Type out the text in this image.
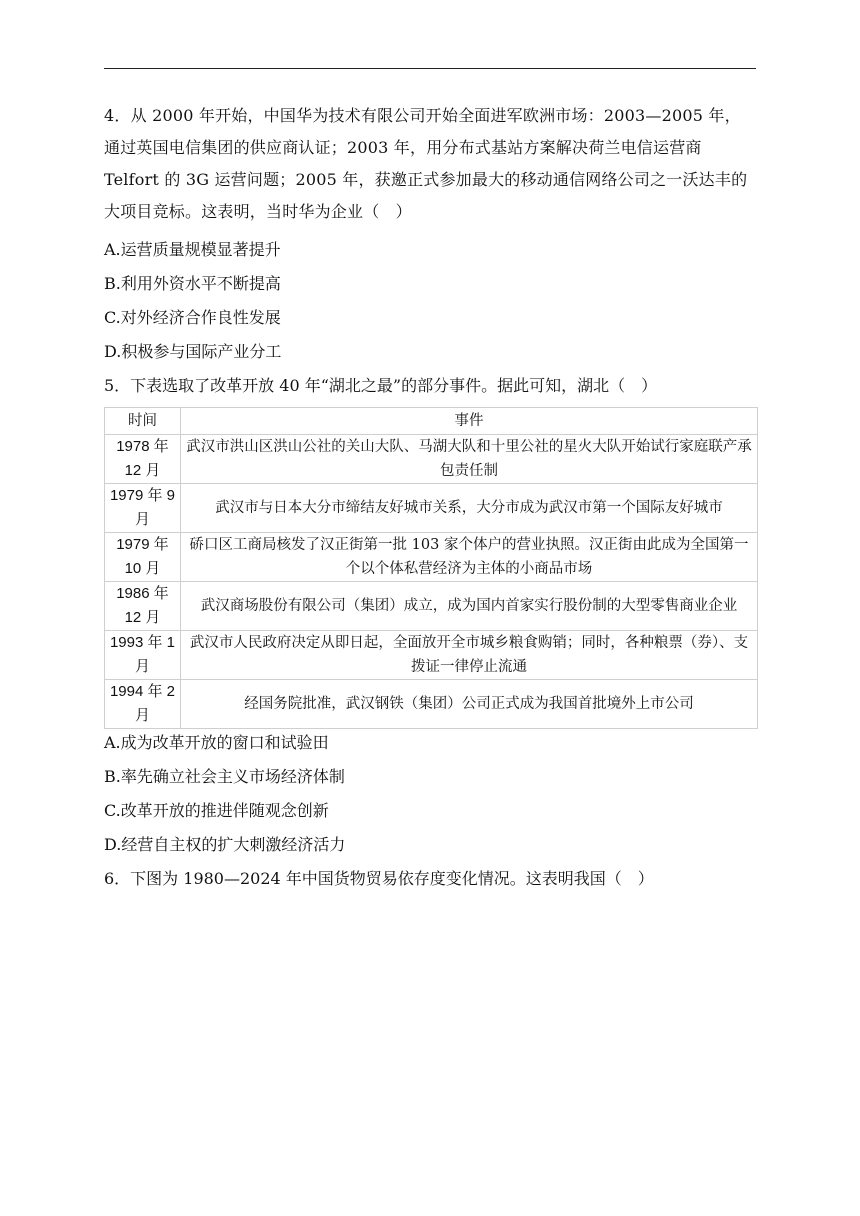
4．从 2000 年开始，中国华为技术有限公司开始全面进军欧洲市场：2003—2005 年，通过英国电信集团的供应商认证；2003 年，用分布式基站方案解决荷兰电信运营商 Telfort 的 3G 运营问题；2005 年，获邀正式参加最大的移动通信网络公司之一沃达丰的大项目竞标。这表明，当时华为企业（　）
A.运营质量规模显著提升
B.利用外资水平不断提高
C.对外经济合作良性发展
D.积极参与国际产业分工
5．下表选取了改革开放 40 年“湖北之最”的部分事件。据此可知，湖北（　）
时间	事件
1978 年 12 月	武汉市洪山区洪山公社的关山大队、马湖大队和十里公社的星火大队开始试行家庭联产承包责任制
1979 年 9 月	武汉市与日本大分市缔结友好城市关系，大分市成为武汉市第一个国际友好城市
1979 年 10 月	硚口区工商局核发了汉正街第一批 103 家个体户的营业执照。汉正街由此成为全国第一个以个体私营经济为主体的小商品市场
1986 年 12 月	武汉商场股份有限公司（集团）成立，成为国内首家实行股份制的大型零售商业企业
1993 年 1 月	武汉市人民政府决定从即日起，全面放开全市城乡粮食购销；同时，各种粮票（券）、支拨证一律停止流通
1994 年 2 月	经国务院批准，武汉钢铁（集团）公司正式成为我国首批境外上市公司
A.成为改革开放的窗口和试验田
B.率先确立社会主义市场经济体制
C.改革开放的推进伴随观念创新
D.经营自主权的扩大刺激经济活力
6．下图为 1980—2024 年中国货物贸易依存度变化情况。这表明我国（　）
